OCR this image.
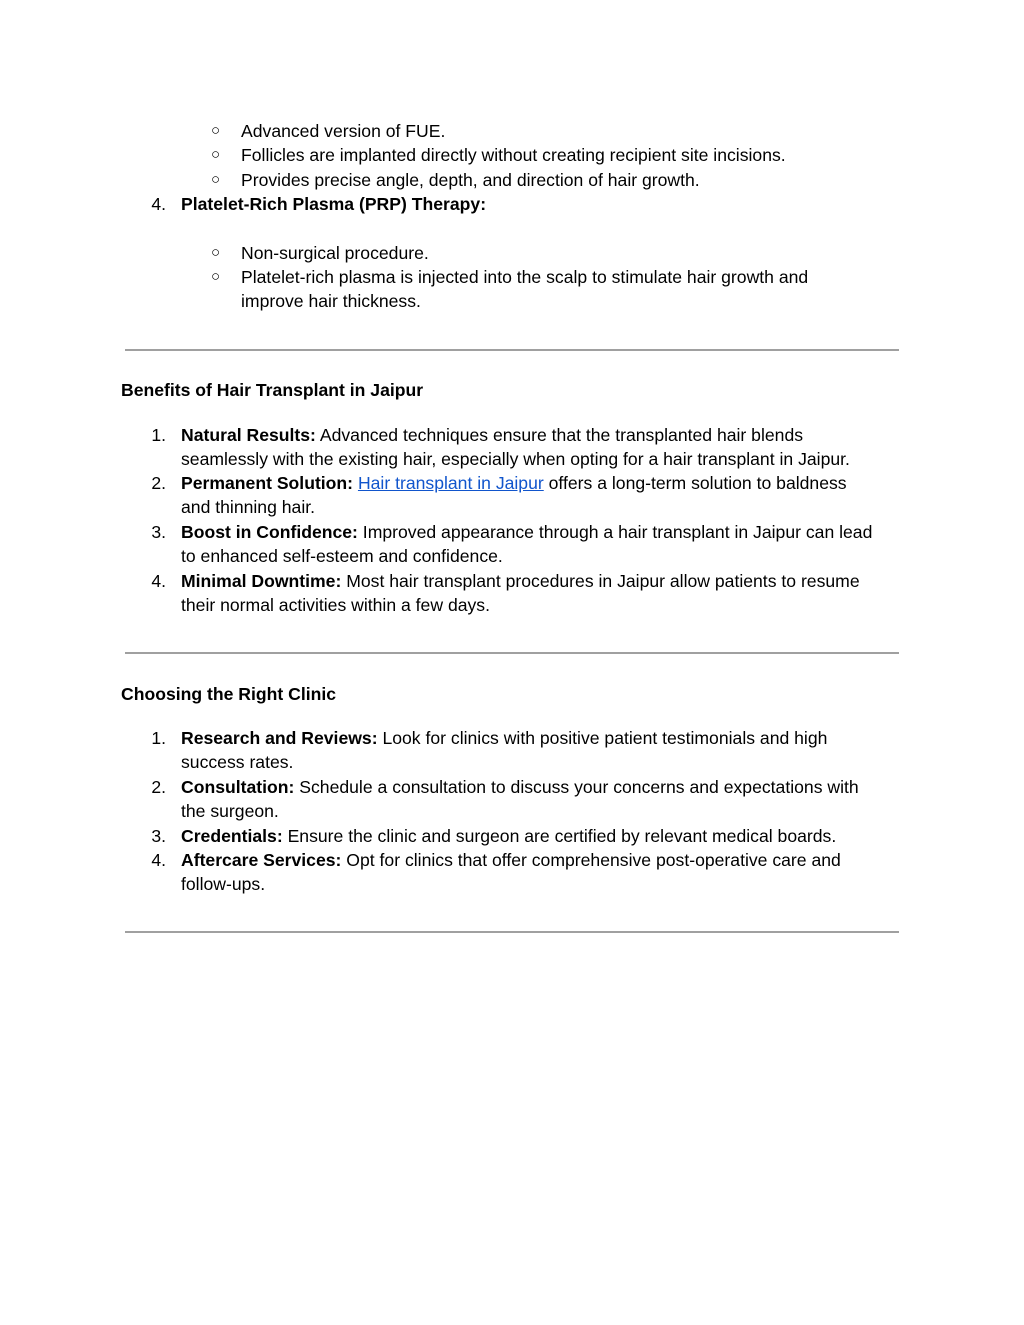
○ Advanced version of FUE.
○ Follicles are implanted directly without creating recipient site incisions.
○ Provides precise angle, depth, and direction of hair growth.
4. Platelet-Rich Plasma (PRP) Therapy:
○ Non-surgical procedure.
○ Platelet-rich plasma is injected into the scalp to stimulate hair growth and
improve hair thickness.
Benefits of Hair Transplant in Jaipur
1. Natural Results: Advanced techniques ensure that the transplanted hair blends
seamlessly with the existing hair, especially when opting for a hair transplant in Jaipur.
2. Permanent Solution: Hair transplant in Jaipur offers a long-term solution to baldness
and thinning hair.
3. Boost in Confidence: Improved appearance through a hair transplant in Jaipur can lead
to enhanced self-esteem and confidence.
4. Minimal Downtime: Most hair transplant procedures in Jaipur allow patients to resume
their normal activities within a few days.
Choosing the Right Clinic
1. Research and Reviews: Look for clinics with positive patient testimonials and high
success rates.
2. Consultation: Schedule a consultation to discuss your concerns and expectations with
the surgeon.
3. Credentials: Ensure the clinic and surgeon are certified by relevant medical boards.
4. Aftercare Services: Opt for clinics that offer comprehensive post-operative care and
follow-ups.
